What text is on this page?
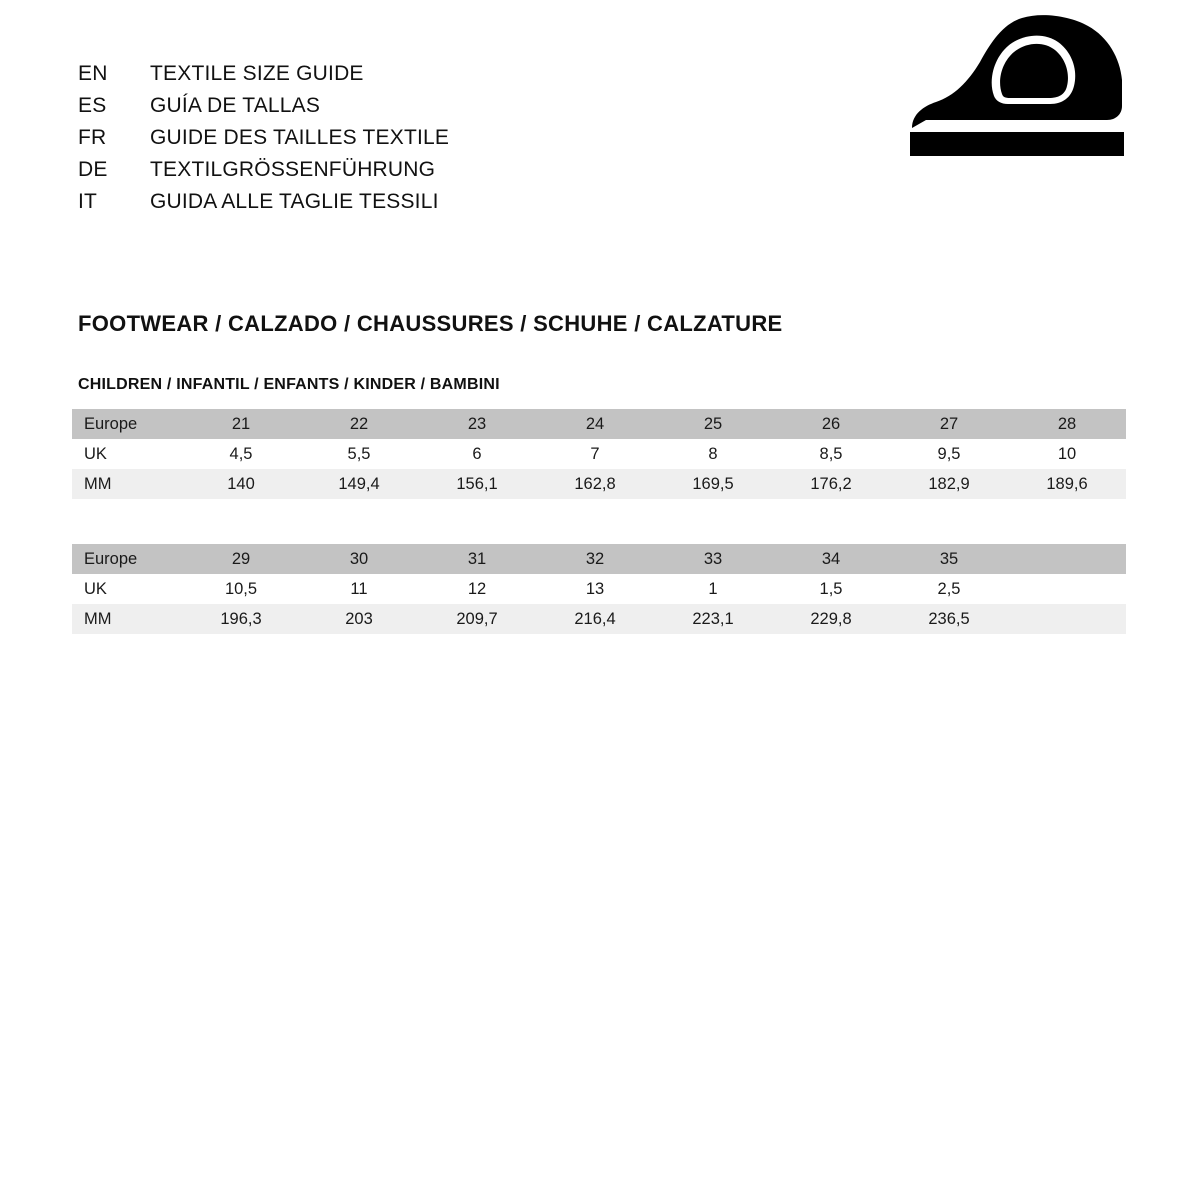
EN	TEXTILE SIZE GUIDE
ES	GUÍA DE TALLAS
FR	GUIDE DES TAILLES TEXTILE
DE	TEXTILGRÖSSENFÜHRUNG
IT	GUIDA ALLE TAGLIE TESSILI
FOOTWEAR / CALZADO / CHAUSSURES / SCHUHE / CALZATURE
CHILDREN / INFANTIL / ENFANTS / KINDER / BAMBINI
Europe	21	22	23	24	25	26	27	28
UK	4,5	5,5	6	7	8	8,5	9,5	10
MM	140	149,4	156,1	162,8	169,5	176,2	182,9	189,6
Europe	29	30	31	32	33	34	35	
UK	10,5	11	12	13	1	1,5	2,5	
MM	196,3	203	209,7	216,4	223,1	229,8	236,5	
